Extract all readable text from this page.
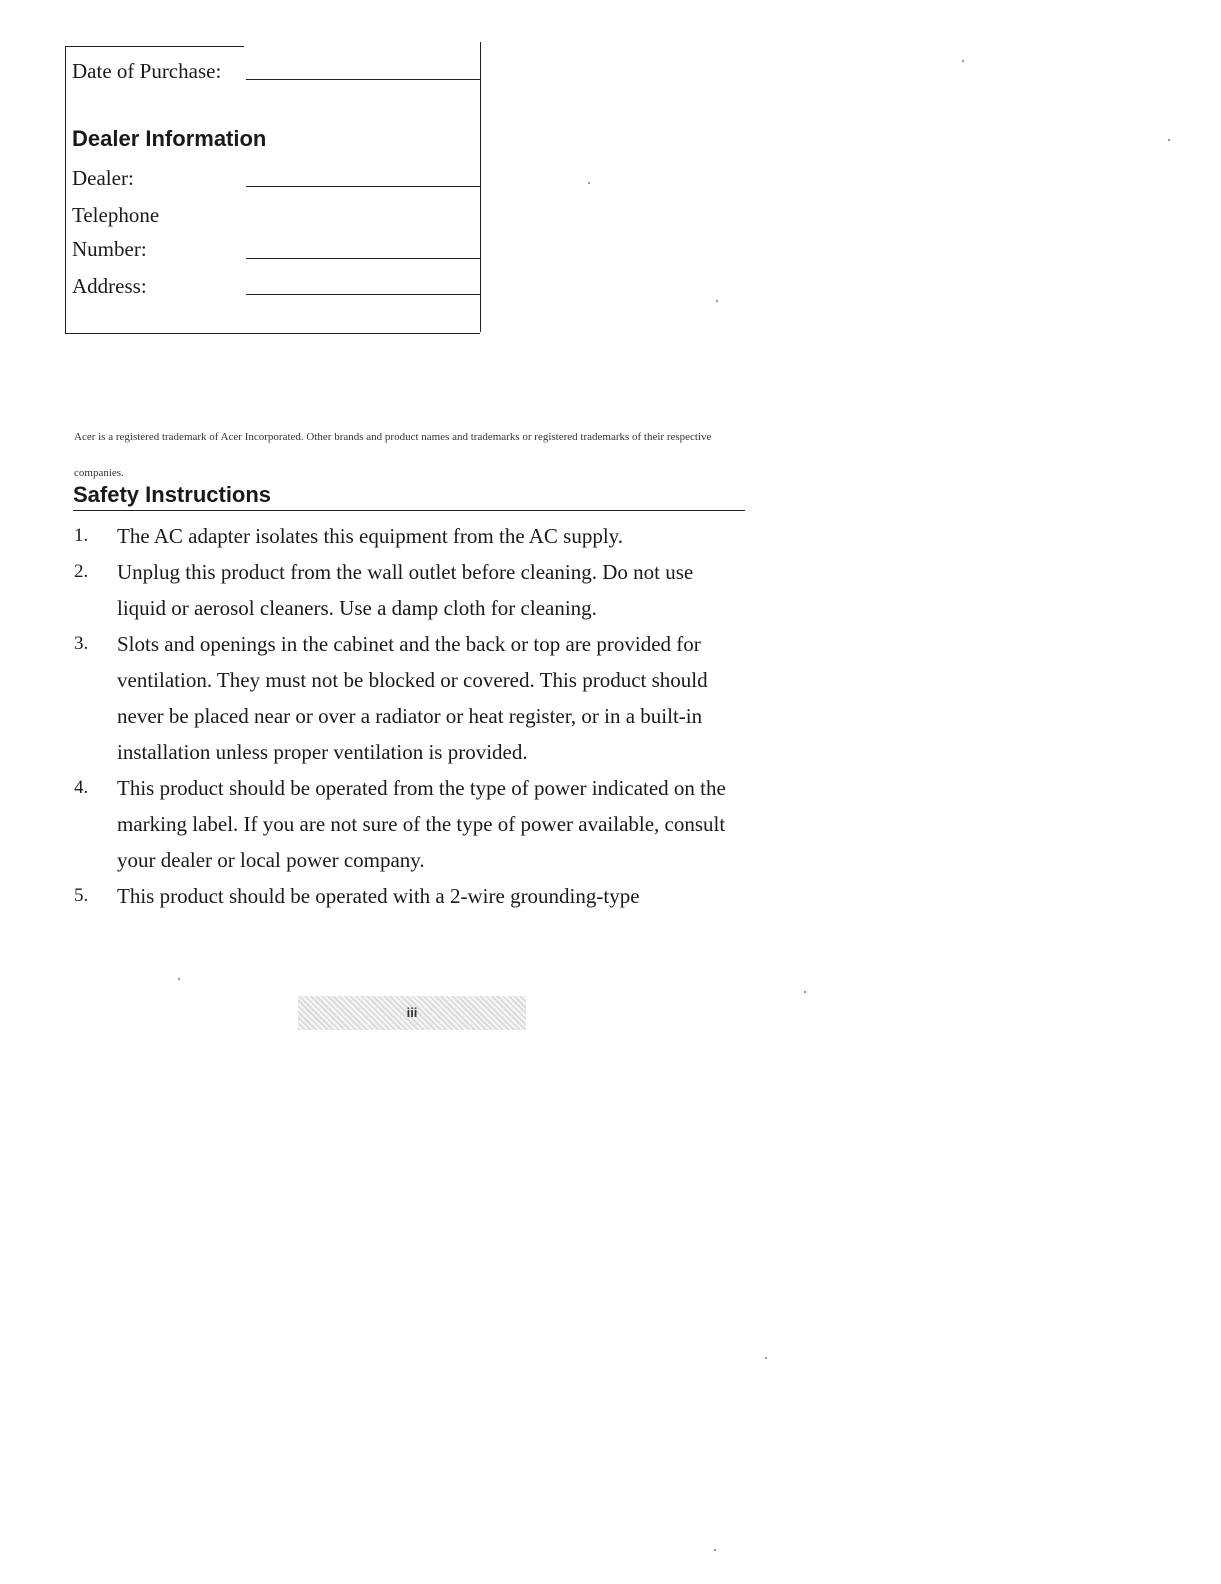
Date of Purchase:
Dealer Information
Dealer:
Telephone
Number:
Address:
Acer is a registered trademark of Acer Incorporated. Other brands and product names and trademarks or registered trademarks of their respective companies.
Safety Instructions
1. The AC adapter isolates this equipment from the AC supply.
2. Unplug this product from the wall outlet before cleaning. Do not use liquid or aerosol cleaners. Use a damp cloth for cleaning.
3. Slots and openings in the cabinet and the back or top are provided for ventilation. They must not be blocked or covered. This product should never be placed near or over a radiator or heat register, or in a built-in installation unless proper ventilation is provided.
4. This product should be operated from the type of power indicated on the marking label. If you are not sure of the type of power available, consult your dealer or local power company.
5. This product should be operated with a 2-wire grounding-type
iii
